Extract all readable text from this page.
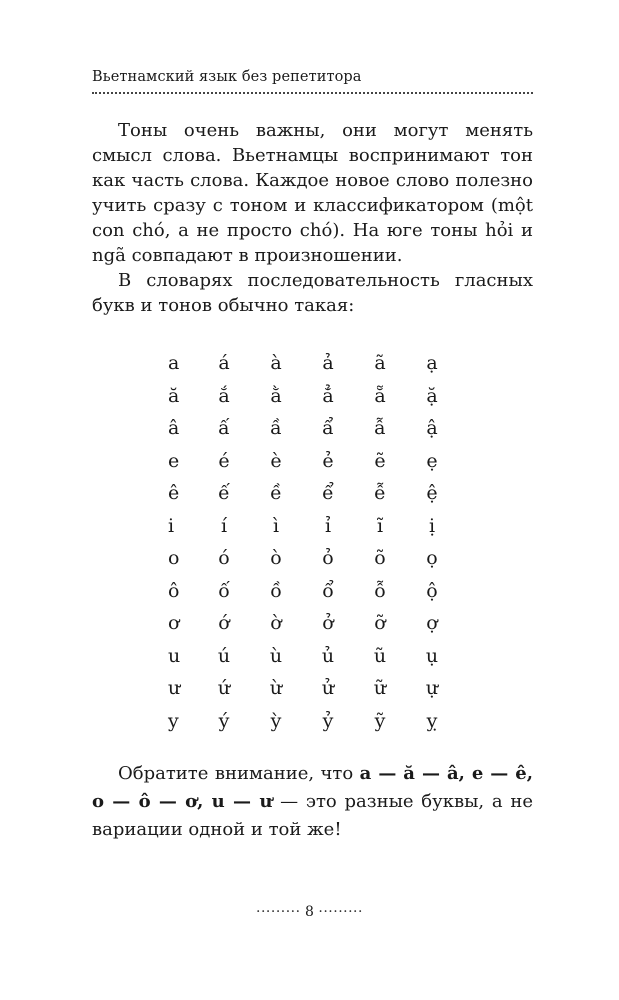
Вьетнамский язык без репетитора

Тоны очень важны, они могут менять смысл слова. Вьетнамцы воспринимают тон как часть слова. Каждое новое слово полезно учить сразу с тоном и классификатором (một con chó, а не просто chó). На юге тоны hỏi и ngã совпадают в произношении.

В словарях последовательность гласных букв и тонов обычно такая:

a	á	à	ả	ã	ạ
ă	ắ	ằ	ẳ	ẵ	ặ
â	ấ	ầ	ẩ	ẫ	ậ
e	é	è	ẻ	ẽ	ẹ
ê	ế	ề	ể	ễ	ệ
i	í	ì	ỉ	ĩ	ị
o	ó	ò	ỏ	õ	ọ
ô	ố	ồ	ổ	ỗ	ộ
ơ	ớ	ờ	ở	ỡ	ợ
u	ú	ù	ủ	ũ	ụ
ư	ứ	ừ	ử	ữ	ự
y	ý	ỳ	ỷ	ỹ	ỵ

Обратите внимание, что a — ă — â, e — ê, o — ô — ơ, u — ư — это разные буквы, а не вариации одной и той же!

········· 8 ·········
